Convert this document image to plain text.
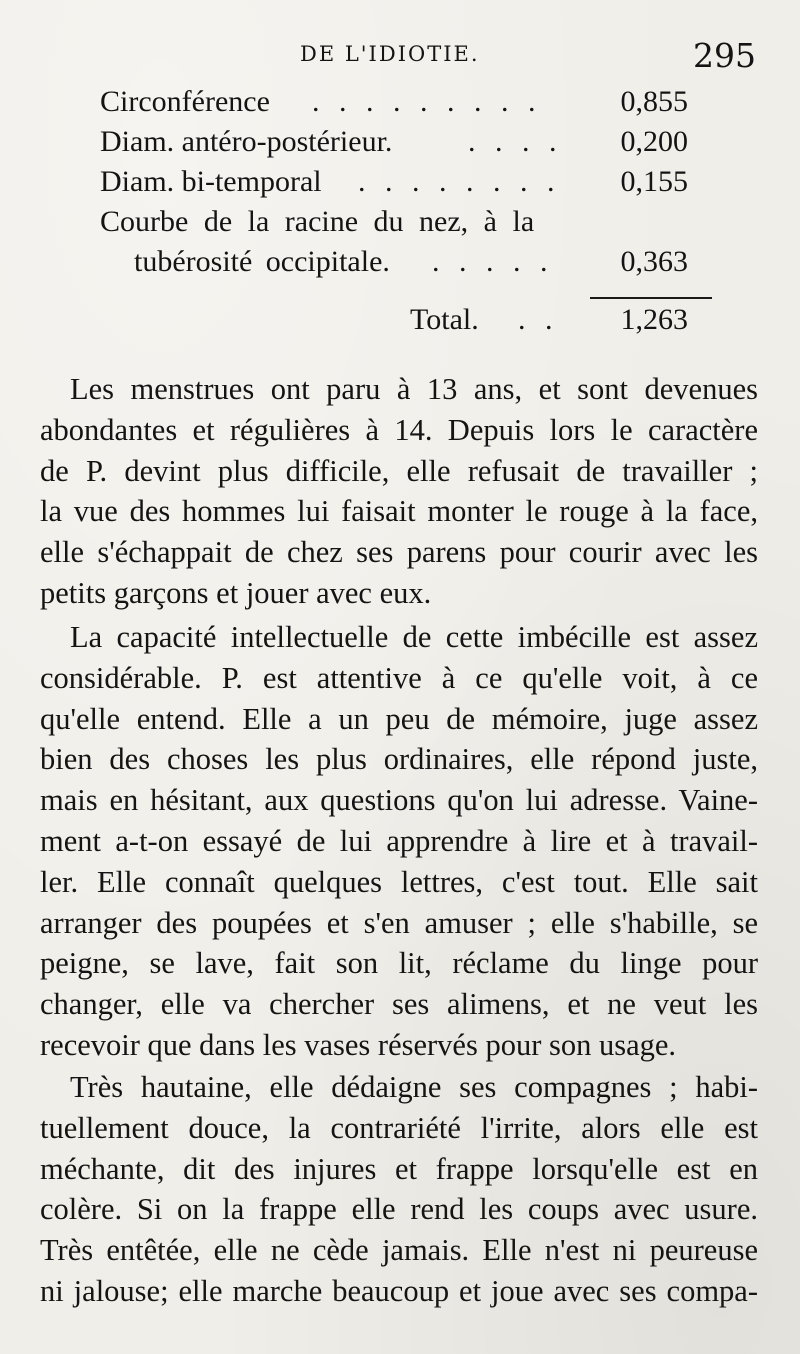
DE L'IDIOTIE.	295
Circonférence . . . . . . . . .	0,855
Diam. antéro-postérieur.	. . . . 0,200
Diam. bi-temporal . . . . . . . . 0,155
Courbe de la racine du nez, à la
tubérosité occipitale. . . . . . 0,363
Total. . . 1,263
Les menstrues ont paru à 13 ans, et sont devenues
abondantes et régulières à 14. Depuis lors le caractère
de P. devint plus difficile, elle refusait de travailler ;
la vue des hommes lui faisait monter le rouge à la face,
elle s'échappait de chez ses parens pour courir avec les
petits garçons et jouer avec eux.
La capacité intellectuelle de cette imbécille est assez
considérable. P. est attentive à ce qu'elle voit, à ce
qu'elle entend. Elle a un peu de mémoire, juge assez
bien des choses les plus ordinaires, elle répond juste,
mais en hésitant, aux questions qu'on lui adresse. Vaine-
ment a-t-on essayé de lui apprendre à lire et à travail-
ler. Elle connaît quelques lettres, c'est tout. Elle sait
arranger des poupées et s'en amuser ; elle s'habille, se
peigne, se lave, fait son lit, réclame du linge pour
changer, elle va chercher ses alimens, et ne veut les
recevoir que dans les vases réservés pour son usage.
Très hautaine, elle dédaigne ses compagnes ; habi-
tuellement douce, la contrariété l'irrite, alors elle est
méchante, dit des injures et frappe lorsqu'elle est en
colère. Si on la frappe elle rend les coups avec usure.
Très entêtée, elle ne cède jamais. Elle n'est ni peureuse
ni jalouse; elle marche beaucoup et joue avec ses compa-
